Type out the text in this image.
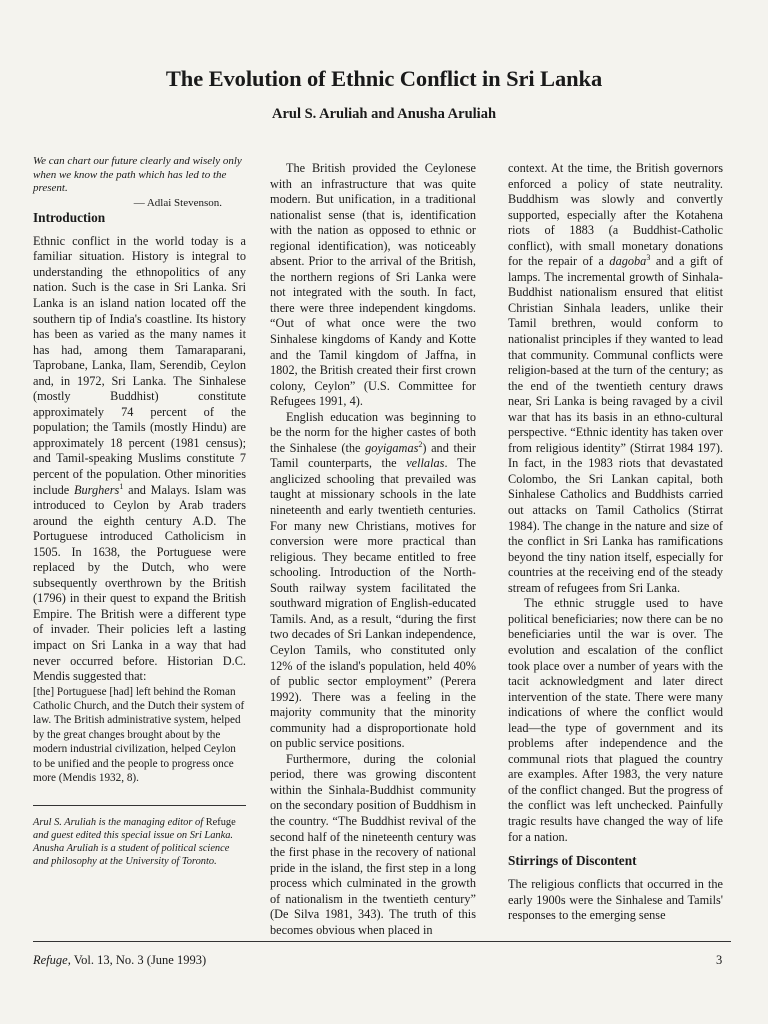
The Evolution of Ethnic Conflict in Sri Lanka
Arul S. Aruliah and Anusha Aruliah

We can chart our future clearly and wisely only when we know the path which has led to the present.

— Adlai Stevenson.

Introduction

Ethnic conflict in the world today is a familiar situation. History is integral to understanding the ethnopolitics of any nation. Such is the case in Sri Lanka. Sri Lanka is an island nation located off the southern tip of India's coastline. Its history has been as varied as the many names it has had, among them Tamaraparani, Taprobane, Lanka, Ilam, Serendib, Ceylon and, in 1972, Sri Lanka. The Sinhalese (mostly Buddhist) constitute approximately 74 percent of the population; the Tamils (mostly Hindu) are approximately 18 percent (1981 census); and Tamil-speaking Muslims constitute 7 percent of the population. Other minorities include Burghers$^1$ and Malays. Islam was introduced to Ceylon by Arab traders around the eighth century A.D. The Portuguese introduced Catholicism in 1505. In 1638, the Portuguese were replaced by the Dutch, who were subsequently overthrown by the British (1796) in their quest to expand the British Empire. The British were a different type of invader. Their policies left a lasting impact on Sri Lanka in a way that had never occurred before. Historian D.C. Mendis suggested that:

[the] Portuguese [had] left behind the Roman Catholic Church, and the Dutch their system of law. The British administrative system, helped by the great changes brought about by the modern industrial civilization, helped Ceylon to be unified and the people to progress once more (Mendis 1932, 8).

Arul S. Aruliah is the managing editor of Refuge and guest edited this special issue on Sri Lanka.

Anusha Aruliah is a student of political science and philosophy at the University of Toronto.

The British provided the Ceylonese with an infrastructure that was quite modern. But unification, in a traditional nationalist sense (that is, identification with the nation as opposed to ethnic or regional identification), was noticeably absent. Prior to the arrival of the British, the northern regions of Sri Lanka were not integrated with the south. In fact, there were three independent kingdoms. “Out of what once were the two Sinhalese kingdoms of Kandy and Kotte and the Tamil kingdom of Jaffna, in 1802, the British created their first crown colony, Ceylon” (U.S. Committee for Refugees 1991, 4).

English education was beginning to be the norm for the higher castes of both the Sinhalese (the goyigamas$^2$) and their Tamil counterparts, the vellalas. The anglicized schooling that prevailed was taught at missionary schools in the late nineteenth and early twentieth centuries. For many new Christians, motives for conversion were more practical than religious. They became entitled to free schooling. Introduction of the North-South railway system facilitated the southward migration of English-educated Tamils. And, as a result, “during the first two decades of Sri Lankan independence, Ceylon Tamils, who constituted only 12% of the island's population, held 40% of public sector employment” (Perera 1992). There was a feeling in the majority community that the minority community had a disproportionate hold on public service positions.

Furthermore, during the colonial period, there was growing discontent within the Sinhala-Buddhist community on the secondary position of Buddhism in the country. “The Buddhist revival of the second half of the nineteenth century was the first phase in the recovery of national pride in the island, the first step in a long process which culminated in the growth of nationalism in the twentieth century” (De Silva 1981, 343). The truth of this becomes obvious when placed in

context. At the time, the British governors enforced a policy of state neutrality. Buddhism was slowly and convertly supported, especially after the Kotahena riots of 1883 (a Buddhist-Catholic conflict), with small monetary donations for the repair of a dagoba$^3$ and a gift of lamps. The incremental growth of Sinhala-Buddhist nationalism ensured that elitist Christian Sinhala leaders, unlike their Tamil brethren, would conform to nationalist principles if they wanted to lead that community. Communal conflicts were religion-based at the turn of the century; as the end of the twentieth century draws near, Sri Lanka is being ravaged by a civil war that has its basis in an ethno-cultural perspective. “Ethnic identity has taken over from religious identity” (Stirrat 1984 197). In fact, in the 1983 riots that devastated Colombo, the Sri Lankan capital, both Sinhalese Catholics and Buddhists carried out attacks on Tamil Catholics (Stirrat 1984). The change in the nature and size of the conflict in Sri Lanka has ramifications beyond the tiny nation itself, especially for countries at the receiving end of the steady stream of refugees from Sri Lanka.

The ethnic struggle used to have political beneficiaries; now there can be no beneficiaries until the war is over. The evolution and escalation of the conflict took place over a number of years with the tacit acknowledgment and later direct intervention of the state. There were many indications of where the conflict would lead—the type of government and its problems after independence and the communal riots that plagued the country are examples. After 1983, the very nature of the conflict changed. But the progress of the conflict was left unchecked. Painfully tragic results have changed the way of life for a nation.

Stirrings of Discontent

The religious conflicts that occurred in the early 1900s were the Sinhalese and Tamils' responses to the emerging sense

Refuge, Vol. 13, No. 3 (June 1993)	3
